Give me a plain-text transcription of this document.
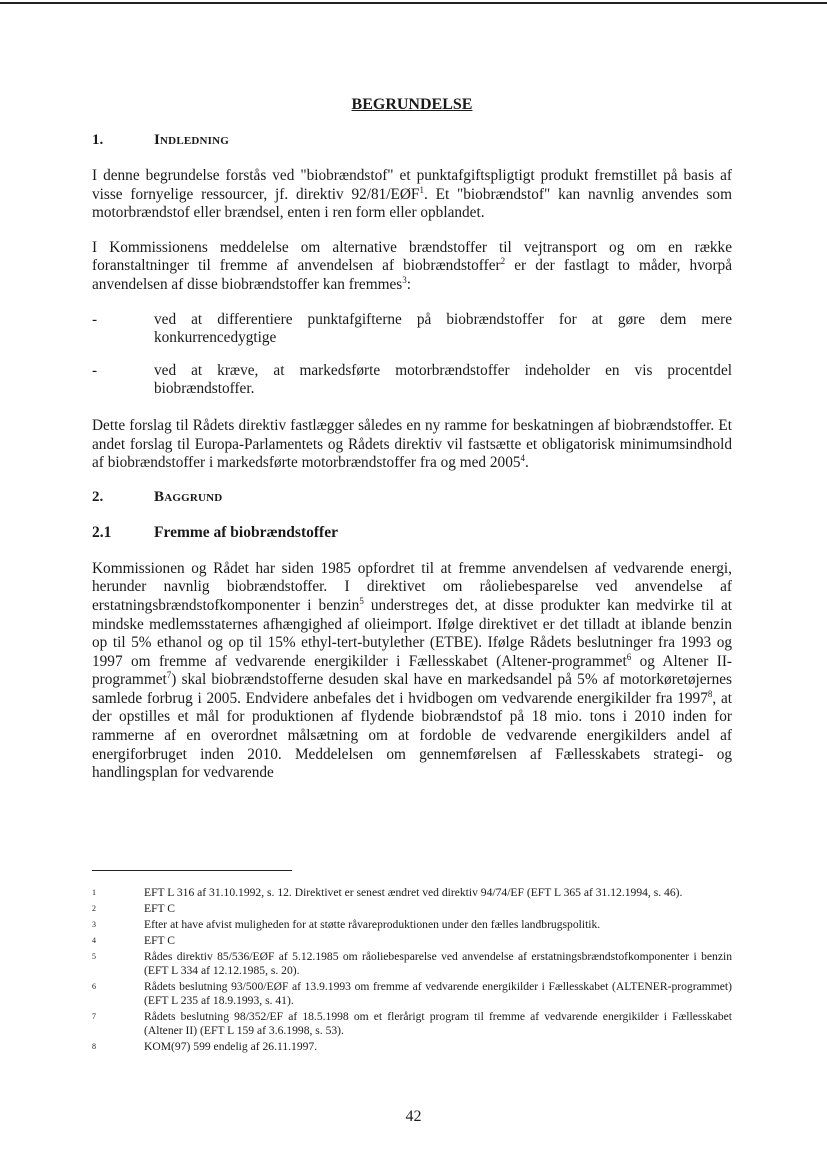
BEGRUNDELSE
1.	Indledning

I denne begrundelse forstås ved "biobrændstof" et punktafgiftspligtigt produkt fremstillet på basis af visse fornyelige ressourcer, jf. direktiv 92/81/EØF$^1$. Et "biobrændstof" kan navnlig anvendes som motorbrændstof eller brændsel, enten i ren form eller opblandet.

I Kommissionens meddelelse om alternative brændstoffer til vejtransport og om en række foranstaltninger til fremme af anvendelsen af biobrændstoffer$^2$ er der fastlagt to måder, hvorpå anvendelsen af disse biobrændstoffer kan fremmes$^3$:

-	ved at differentiere punktafgifterne på biobrændstoffer for at gøre dem mere konkurrencedygtige
-	ved at kræve, at markedsførte motorbrændstoffer indeholder en vis procentdel biobrændstoffer.

Dette forslag til Rådets direktiv fastlægger således en ny ramme for beskatningen af biobrændstoffer. Et andet forslag til Europa-Parlamentets og Rådets direktiv vil fastsætte et obligatorisk minimumsindhold af biobrændstoffer i markedsførte motorbrændstoffer fra og med 2005$^4$.

2.	Baggrund
2.1	Fremme af biobrændstoffer

Kommissionen og Rådet har siden 1985 opfordret til at fremme anvendelsen af vedvarende energi, herunder navnlig biobrændstoffer. I direktivet om råoliebesparelse ved anvendelse af erstatningsbrændstofkomponenter i benzin$^5$ understreges det, at disse produkter kan medvirke til at mindske medlemsstaternes afhængighed af olieimport. Ifølge direktivet er det tilladt at iblande benzin op til 5% ethanol og op til 15% ethyl-tert-butylether (ETBE). Ifølge Rådets beslutninger fra 1993 og 1997 om fremme af vedvarende energikilder i Fællesskabet (Altener-programmet$^6$ og Altener II-programmet$^7$) skal biobrændstofferne desuden skal have en markedsandel på 5% af motorkøretøjernes samlede forbrug i 2005. Endvidere anbefales det i hvidbogen om vedvarende energikilder fra 1997$^8$, at der opstilles et mål for produktionen af flydende biobrændstof på 18 mio. tons i 2010 inden for rammerne af en overordnet målsætning om at fordoble de vedvarende energikilders andel af energiforbruget inden 2010. Meddelelsen om gennemførelsen af Fællesskabets strategi- og handlingsplan for vedvarende

1	EFT L 316 af 31.10.1992, s. 12. Direktivet er senest ændret ved direktiv 94/74/EF (EFT L 365 af 31.12.1994, s. 46).
2	EFT C
3	Efter at have afvist muligheden for at støtte råvareproduktionen under den fælles landbrugspolitik.
4	EFT C
5	Rådes direktiv 85/536/EØF af 5.12.1985 om råoliebesparelse ved anvendelse af erstatningsbrændstofkomponenter i benzin (EFT L 334 af 12.12.1985, s. 20).
6	Rådets beslutning 93/500/EØF af 13.9.1993 om fremme af vedvarende energikilder i Fællesskabet (ALTENER-programmet) (EFT L 235 af 18.9.1993, s. 41).
7	Rådets beslutning 98/352/EF af 18.5.1998 om et flerårigt program til fremme af vedvarende energikilder i Fællesskabet (Altener II) (EFT L 159 af 3.6.1998, s. 53).
8	KOM(97) 599 endelig af 26.11.1997.
42
